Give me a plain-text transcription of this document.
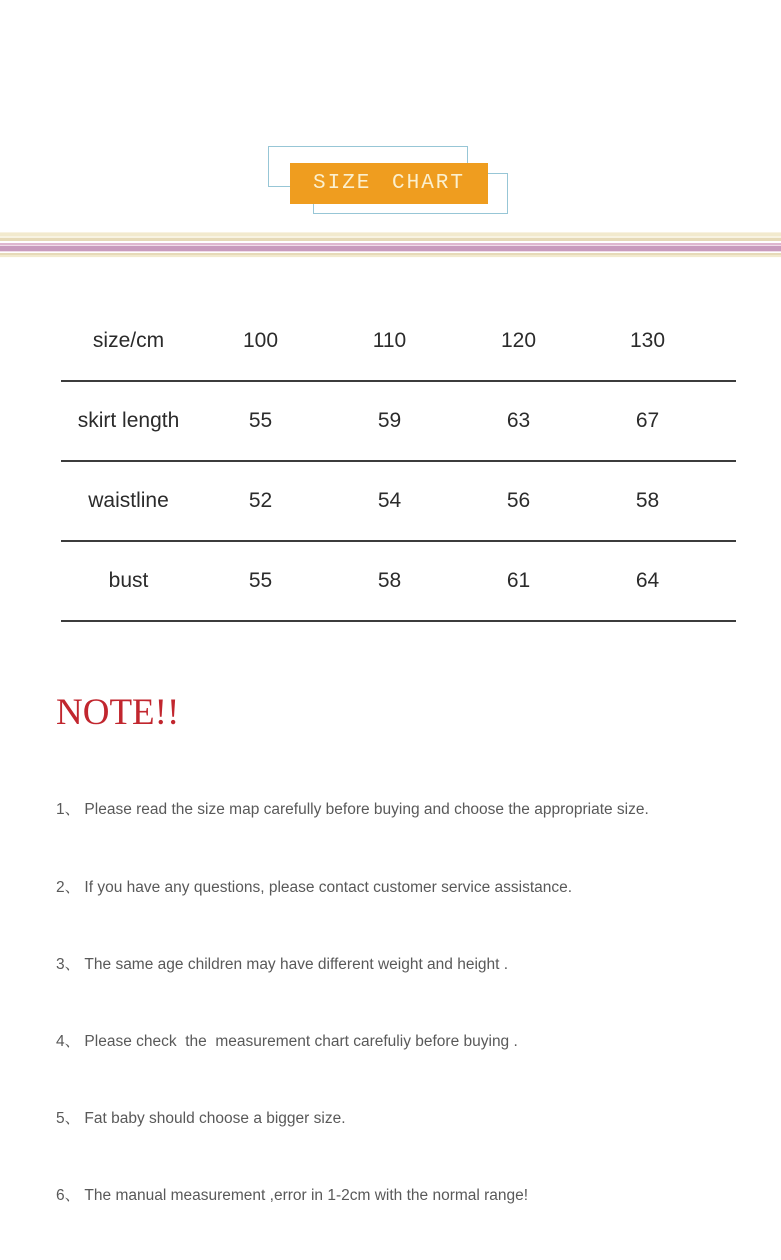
SIZE CHART
size/cm	100	110	120	130
skirt length	55	59	63	67
waistline	52	54	56	58
bust	55	58	61	64
NOTE!!

1、 Please read the size map carefully before buying and choose the appropriate size.

2、 If you have any questions, please contact customer service assistance.

3、 The same age children may have different weight and height .

4、 Please check  the  measurement chart carefuliy before buying .

5、 Fat baby should choose a bigger size.

6、 The manual measurement ,error in 1-2cm with the normal range!
